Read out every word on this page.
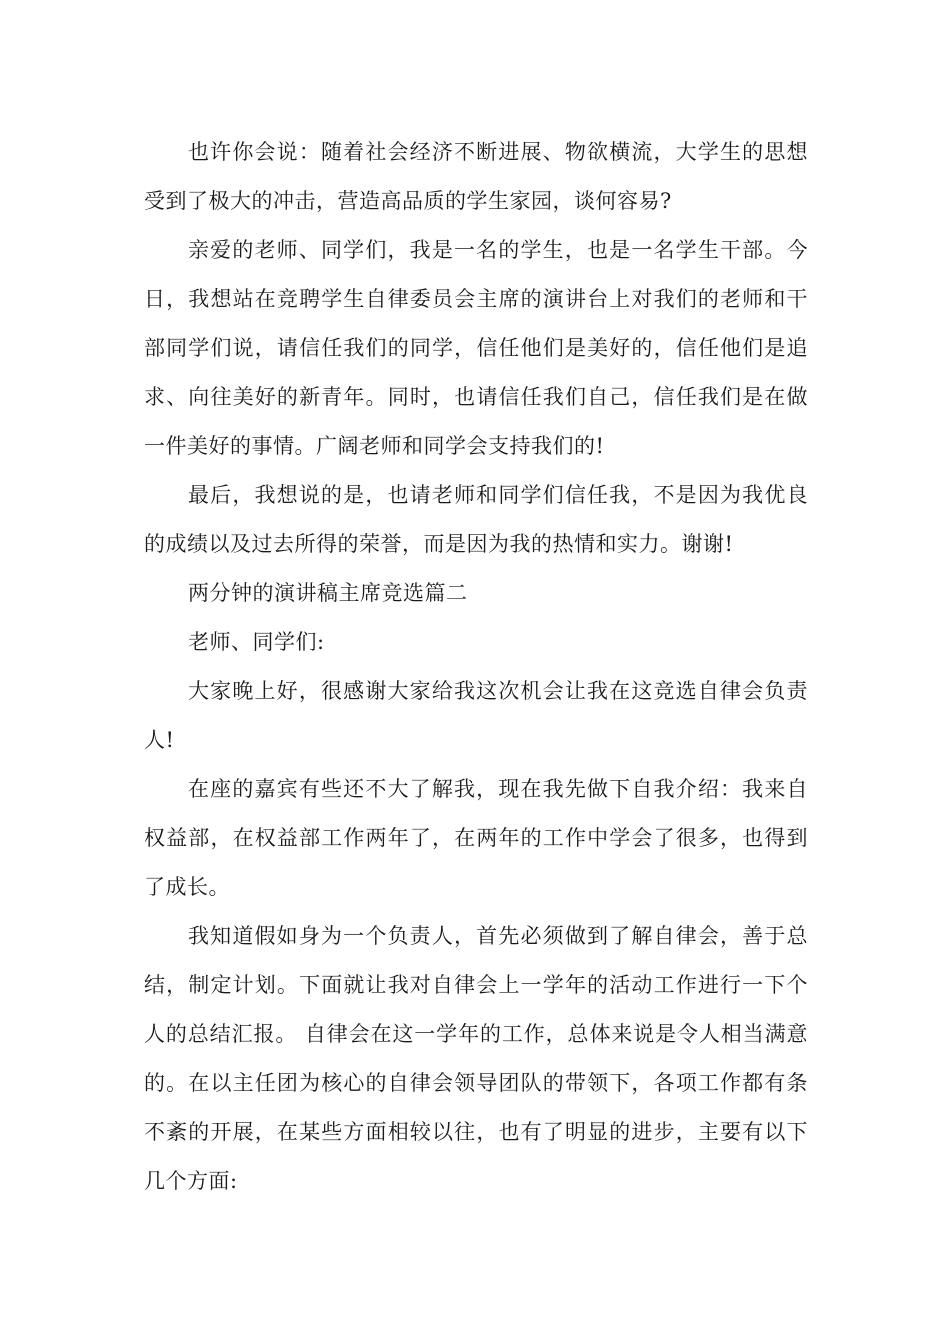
也许你会说：随着社会经济不断进展、物欲横流，大学生的思想受到了极大的冲击，营造高品质的学生家园，谈何容易?

亲爱的老师、同学们，我是一名的学生，也是一名学生干部。今日，我想站在竞聘学生自律委员会主席的演讲台上对我们的老师和干部同学们说，请信任我们的同学，信任他们是美好的，信任他们是追求、向往美好的新青年。同时，也请信任我们自己，信任我们是在做一件美好的事情。广阔老师和同学会支持我们的!

最后，我想说的是，也请老师和同学们信任我，不是因为我优良的成绩以及过去所得的荣誉，而是因为我的热情和实力。谢谢!

两分钟的演讲稿主席竞选篇二

老师、同学们:

大家晚上好，很感谢大家给我这次机会让我在这竞选自律会负责人!

在座的嘉宾有些还不大了解我，现在我先做下自我介绍：我来自权益部，在权益部工作两年了，在两年的工作中学会了很多，也得到了成长。

我知道假如身为一个负责人，首先必须做到了解自律会，善于总结，制定计划。下面就让我对自律会上一学年的活动工作进行一下个人的总结汇报。 自律会在这一学年的工作，总体来说是令人相当满意的。在以主任团为核心的自律会领导团队的带领下，各项工作都有条不紊的开展，在某些方面相较以往，也有了明显的进步，主要有以下几个方面:
